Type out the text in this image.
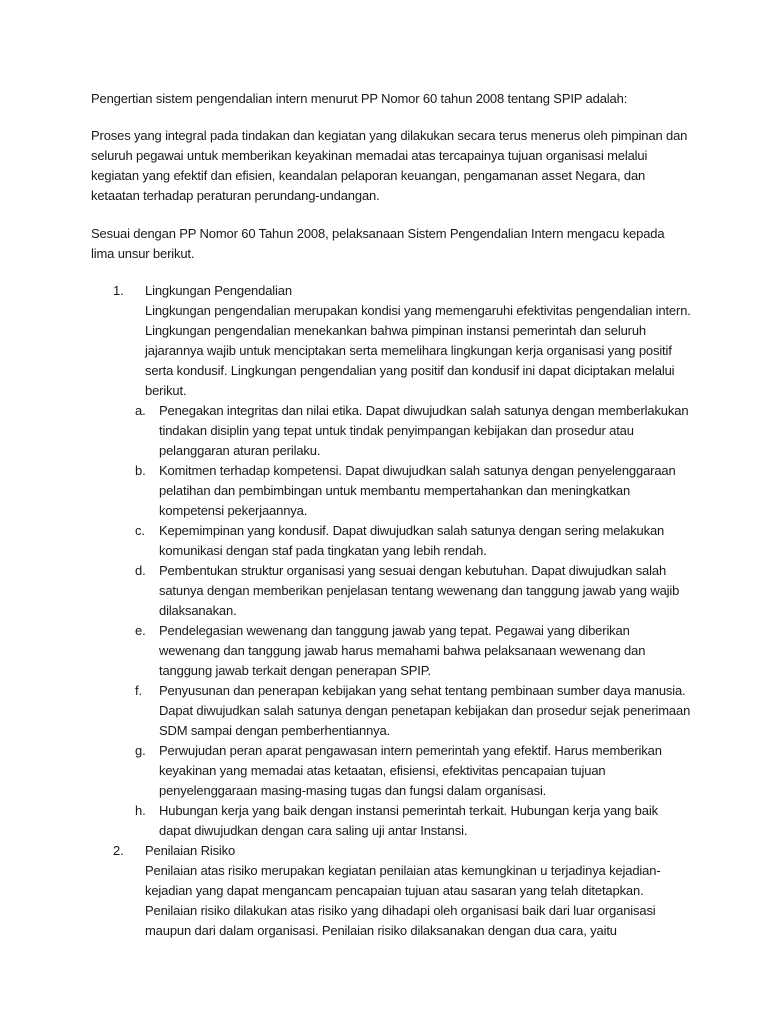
Pengertian sistem pengendalian intern menurut PP Nomor 60 tahun 2008 tentang SPIP adalah:

Proses yang integral pada tindakan dan kegiatan yang dilakukan secara terus menerus oleh pimpinan dan seluruh pegawai untuk memberikan keyakinan memadai atas tercapainya tujuan organisasi melalui kegiatan yang efektif dan efisien, keandalan pelaporan keuangan, pengamanan asset Negara, dan ketaatan terhadap peraturan perundang-undangan.

Sesuai dengan PP Nomor 60 Tahun 2008, pelaksanaan Sistem Pengendalian Intern mengacu kepada lima unsur berikut.

1. Lingkungan Pengendalian
Lingkungan pengendalian merupakan kondisi yang memengaruhi efektivitas pengendalian intern. Lingkungan pengendalian menekankan bahwa pimpinan instansi pemerintah dan seluruh jajarannya wajib untuk menciptakan serta memelihara lingkungan kerja organisasi yang positif serta kondusif. Lingkungan pengendalian yang positif dan kondusif ini dapat diciptakan melalui berikut.
a.	Penegakan integritas dan nilai etika. Dapat diwujudkan salah satunya dengan memberlakukan tindakan disiplin yang tepat untuk tindak penyimpangan kebijakan dan prosedur atau pelanggaran aturan perilaku.
b.	Komitmen terhadap kompetensi. Dapat diwujudkan salah satunya dengan penyelenggaraan pelatihan dan pembimbingan untuk membantu mempertahankan dan meningkatkan kompetensi pekerjaannya.
c.	Kepemimpinan yang kondusif. Dapat diwujudkan salah satunya dengan sering melakukan komunikasi dengan staf pada tingkatan yang lebih rendah.
d.	Pembentukan struktur organisasi yang sesuai dengan kebutuhan. Dapat diwujudkan salah satunya dengan memberikan penjelasan tentang wewenang dan tanggung jawab yang wajib dilaksanakan.
e.	Pendelegasian wewenang dan tanggung jawab yang tepat. Pegawai yang diberikan wewenang dan tanggung jawab harus memahami bahwa pelaksanaan wewenang dan tanggung jawab terkait dengan penerapan SPIP.
f.	Penyusunan dan penerapan kebijakan yang sehat tentang pembinaan sumber daya manusia. Dapat diwujudkan salah satunya dengan penetapan kebijakan dan prosedur sejak penerimaan SDM sampai dengan pemberhentiannya.
g.	Perwujudan peran aparat pengawasan intern pemerintah yang efektif. Harus memberikan keyakinan yang memadai atas ketaatan, efisiensi, efektivitas pencapaian tujuan penyelenggaraan masing-masing tugas dan fungsi dalam organisasi.
h.	Hubungan kerja yang baik dengan instansi pemerintah terkait. Hubungan kerja yang baik dapat diwujudkan dengan cara saling uji antar Instansi.
2. Penilaian Risiko
Penilaian atas risiko merupakan kegiatan penilaian atas kemungkinan u terjadinya kejadian-kejadian yang dapat mengancam pencapaian tujuan atau sasaran yang telah ditetapkan. Penilaian risiko dilakukan atas risiko yang dihadapi oleh organisasi baik dari luar organisasi maupun dari dalam organisasi. Penilaian risiko dilaksanakan dengan dua cara, yaitu
